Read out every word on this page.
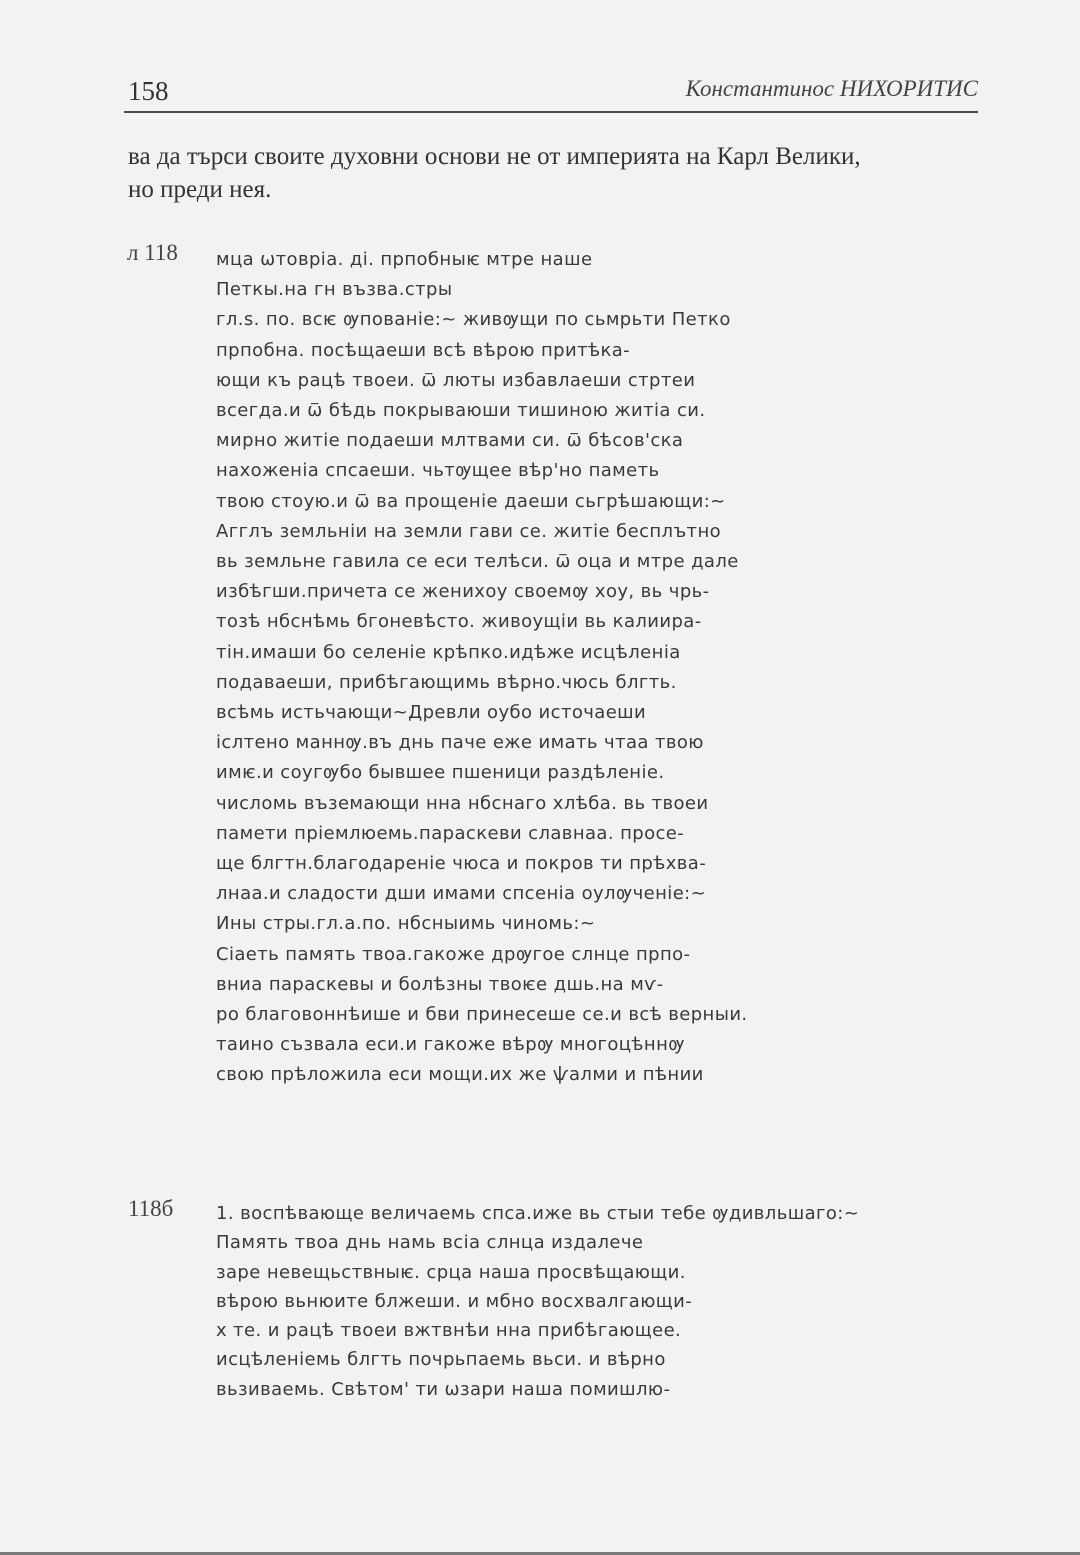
158	Константинос НИХОРИТИС
ва да търси своите духовни основи не от империята на Карл Велики,
но преди нея.
л 118 мца ѡтовріа. ді. прпобныѥ мтре наше
Петкы.на гн възва.стры
гл.ѕ. по. всѥ ѹпованіе:~ живѹщи по сьмрьти Петко
прпобна. посѣщаеши всѣ вѣрою притѣка-
ющи къ рацѣ твоеи. ѿ люты избавлаеши стртеи
всегда.и ѿ бѣдь покрываюши тишиною житіа си.
мирно житіе подаеши млтвами си. ѿ бѣсов'ска
нахоженіа спсаеши. чьтѹщее вѣр'но паметь
твою стоую.и ѿ ва прощеніе даеши сьгрѣшающи:~
Агглъ земльніи на земли гави се. житіе бесплътно
вь земльне гавила се еси телѣси. ѿ оца и мтре дале
избѣгши.причета се женихоу своемѹ хоу, вь чрь-
тозѣ нбснѣмь бгоневѣсто. живоущіи вь калиира-
тін.имаши бо селеніе крѣпко.идѣже исцѣленіа
подаваеши, прибѣгающимь вѣрно.чюсь блгть.
всѣмь истьчающи~Древли оубо источаеши
іслтено маннѹ.въ днь паче еже имать чтаа твою
имѥ.и соугѹбо бывшее пшеници раздѣленіе.
числомь въземающи нна нбснаго хлѣба. вь твоеи
памети пріемлюемь.параскеви славнаа. просе-
ще блгтн.благодареніе чюса и покров ти прѣхва-
лнаа.и сладости дши имами спсеніа оулѹченіе:~
Ины стры.гл.а.по. нбсныимь чиномь:~
Сіаеть память твоа.гакоже дрѹгое слнце прпо-
вниа параскевы и болѣзны твоѥе дшь.на мѵ-
ро благовоннѣише и бви принесеше се.и всѣ верныи.
таино съзвала еси.и гакоже вѣрѹ многоцѣннѹ
свою прѣложила еси мощи.их же ѱалми и пѣнии
118б 1. воспѣвающе величаемь спса.иже вь стыи тебе ѹдивльшаго:~
Память твоа днь намь всіа слнца издалече
заре невещьствныѥ. срца наша просвѣщающи.
вѣрою вьнюите блжеши. и мбно восхвалгающи-
х те. и рацѣ твоеи вжтвнѣи нна прибѣгающее.
исцѣленіемь блгть почрьпаемь вьси. и вѣрно
вьзиваемь. Свѣтом' ти ѡзари наша помишлю-
